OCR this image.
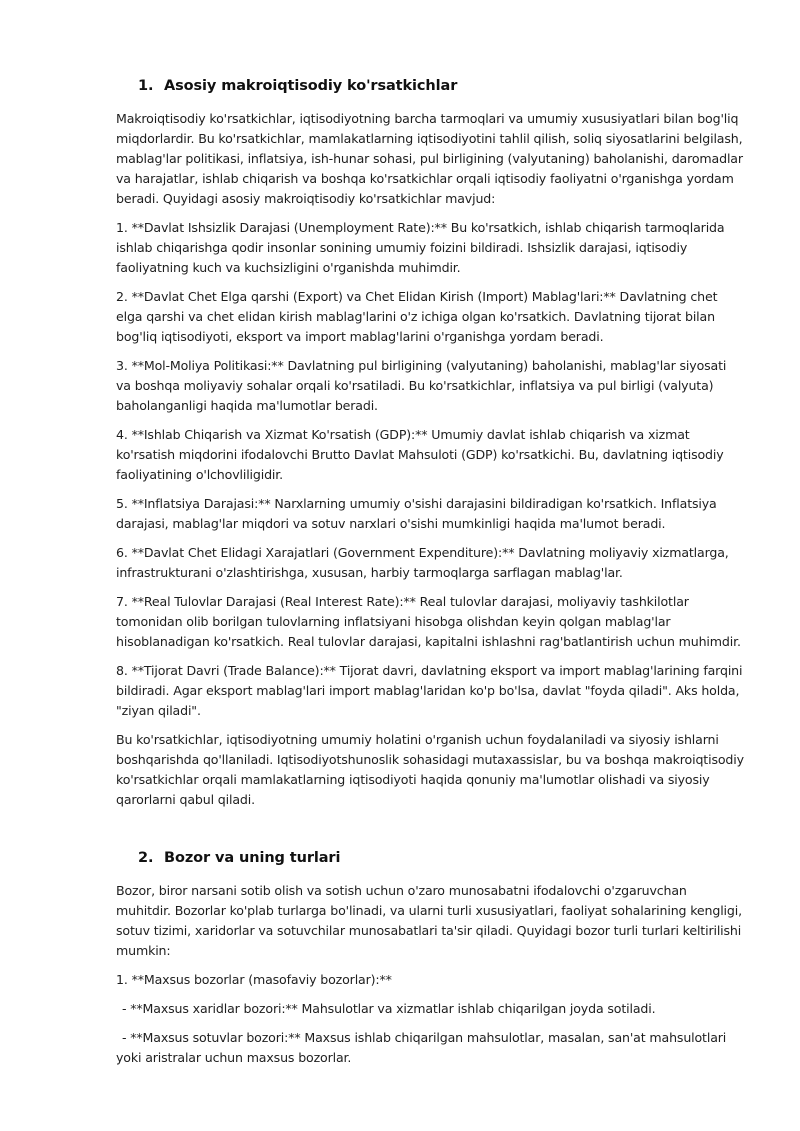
1. Asosiy makroiqtisodiy ko'rsatkichlar

Makroiqtisodiy ko'rsatkichlar, iqtisodiyotning barcha tarmoqlari va umumiy xususiyatlari bilan bog'liq miqdorlardir. Bu ko'rsatkichlar, mamlakatlarning iqtisodiyotini tahlil qilish, soliq siyosatlarini belgilash, mablag'lar politikasi, inflatsiya, ish-hunar sohasi, pul birligining (valyutaning) baholanishi, daromadlar va harajatlar, ishlab chiqarish va boshqa ko'rsatkichlar orqali iqtisodiy faoliyatni o'rganishga yordam beradi. Quyidagi asosiy makroiqtisodiy ko'rsatkichlar mavjud:

1. **Davlat Ishsizlik Darajasi (Unemployment Rate):** Bu ko'rsatkich, ishlab chiqarish tarmoqlarida ishlab chiqarishga qodir insonlar sonining umumiy foizini bildiradi. Ishsizlik darajasi, iqtisodiy faoliyatning kuch va kuchsizligini o'rganishda muhimdir.

2. **Davlat Chet Elga qarshi (Export) va Chet Elidan Kirish (Import) Mablag'lari:** Davlatning chet elga qarshi va chet elidan kirish mablag'larini o'z ichiga olgan ko'rsatkich. Davlatning tijorat bilan bog'liq iqtisodiyoti, eksport va import mablag'larini o'rganishga yordam beradi.

3. **Mol-Moliya Politikasi:** Davlatning pul birligining (valyutaning) baholanishi, mablag'lar siyosati va boshqa moliyaviy sohalar orqali ko'rsatiladi. Bu ko'rsatkichlar, inflatsiya va pul birligi (valyuta) baholanganligi haqida ma'lumotlar beradi.

4. **Ishlab Chiqarish va Xizmat Ko'rsatish (GDP):** Umumiy davlat ishlab chiqarish va xizmat ko'rsatish miqdorini ifodalovchi Brutto Davlat Mahsuloti (GDP) ko'rsatkichi. Bu, davlatning iqtisodiy faoliyatining o'lchovliligidir.

5. **Inflatsiya Darajasi:** Narxlarning umumiy o'sishi darajasini bildiradigan ko'rsatkich. Inflatsiya darajasi, mablag'lar miqdori va sotuv narxlari o'sishi mumkinligi haqida ma'lumot beradi.

6. **Davlat Chet Elidagi Xarajatlari (Government Expenditure):** Davlatning moliyaviy xizmatlarga, infrastrukturani o'zlashtirishga, xususan, harbiy tarmoqlarga sarflagan mablag'lar.

7. **Real Tulovlar Darajasi (Real Interest Rate):** Real tulovlar darajasi, moliyaviy tashkilotlar tomonidan olib borilgan tulovlarning inflatsiyani hisobga olishdan keyin qolgan mablag'lar hisoblanadigan ko'rsatkich. Real tulovlar darajasi, kapitalni ishlashni rag'batlantirish uchun muhimdir.

8. **Tijorat Davri (Trade Balance):** Tijorat davri, davlatning eksport va import mablag'larining farqini bildiradi. Agar eksport mablag'lari import mablag'laridan ko'p bo'lsa, davlat "foyda qiladi". Aks holda, "ziyan qiladi".

Bu ko'rsatkichlar, iqtisodiyotning umumiy holatini o'rganish uchun foydalaniladi va siyosiy ishlarni boshqarishda qo'llaniladi. Iqtisodiyotshunoslik sohasidagi mutaxassislar, bu va boshqa makroiqtisodiy ko'rsatkichlar orqali mamlakatlarning iqtisodiyoti haqida qonuniy ma'lumotlar olishadi va siyosiy qarorlarni qabul qiladi.

2. Bozor va uning turlari

Bozor, biror narsani sotib olish va sotish uchun o'zaro munosabatni ifodalovchi o'zgaruvchan muhitdir. Bozorlar ko'plab turlarga bo'linadi, va ularni turli xususiyatlari, faoliyat sohalarining kengligi, sotuv tizimi, xaridorlar va sotuvchilar munosabatlari ta'sir qiladi. Quyidagi bozor turli turlari keltirilishi mumkin:

1. **Maxsus bozorlar (masofaviy bozorlar):**

- **Maxsus xaridlar bozori:** Mahsulotlar va xizmatlar ishlab chiqarilgan joyda sotiladi.

- **Maxsus sotuvlar bozori:** Maxsus ishlab chiqarilgan mahsulotlar, masalan, san'at mahsulotlari yoki aristralar uchun maxsus bozorlar.
